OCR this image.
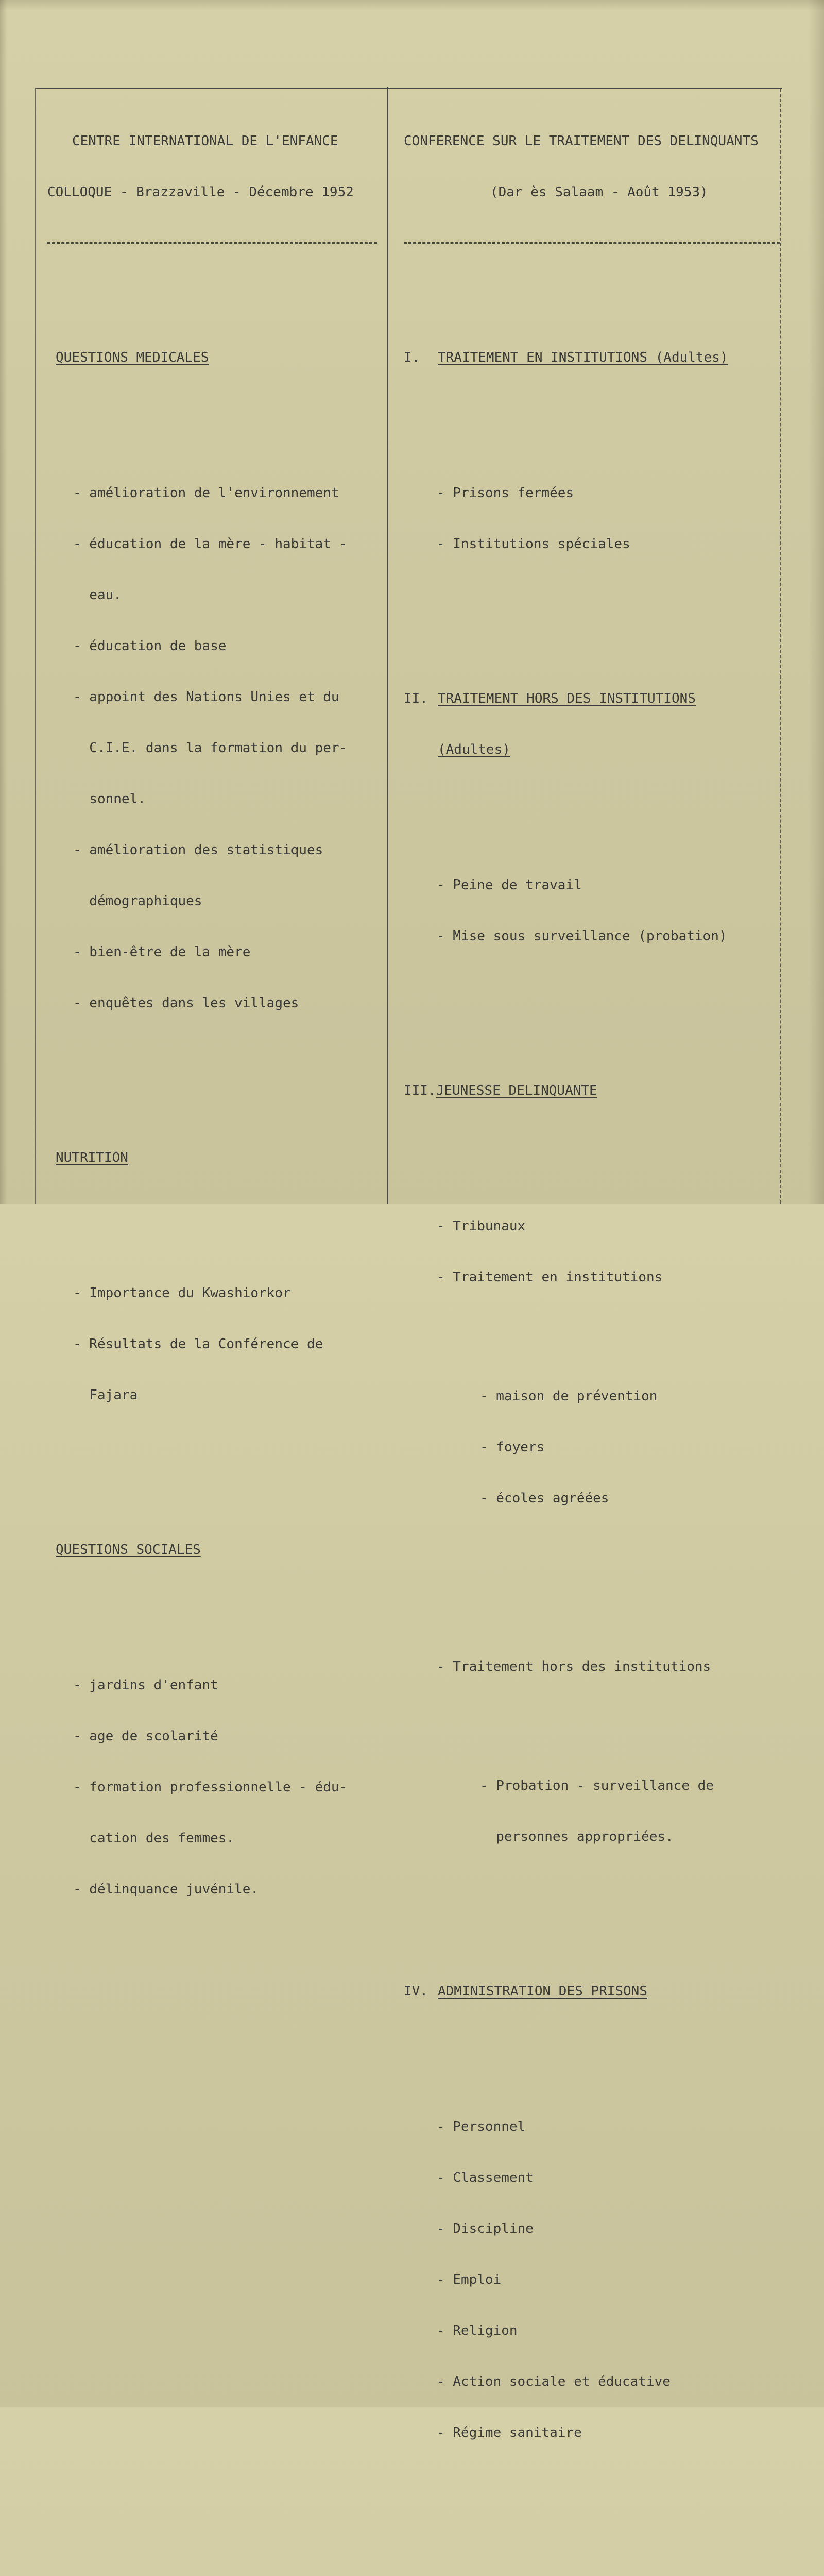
CENTRE INTERNATIONAL DE L'ENFANCE

COLLOQUE - Brazzaville - Décembre 1952

QUESTIONS MEDICALES

- amélioration de l'environnement

- éducation de la mère - habitat -

eau.

- éducation de base

- appoint des Nations Unies et du

C.I.E. dans la formation du per-

sonnel.

- amélioration des statistiques

démographiques

- bien-être de la mère

- enquêtes dans les villages

NUTRITION

- Importance du Kwashiorkor

- Résultats de la Conférence de

Fajara

QUESTIONS SOCIALES

- jardins d'enfant

- age de scolarité

- formation professionnelle - édu-

cation des femmes.

- délinquance juvénile.

CONFERENCE SUR LE TRAITEMENT DES DELINQUANTS

(Dar ès Salaam - Août 1953)

I. TRAITEMENT EN INSTITUTIONS (Adultes)

- Prisons fermées

- Institutions spéciales

II. TRAITEMENT HORS DES INSTITUTIONS

(Adultes)

- Peine de travail

- Mise sous surveillance (probation)

III.JEUNESSE DELINQUANTE

- Tribunaux

- Traitement en institutions

- maison de prévention

- foyers

- écoles agréées

- Traitement hors des institutions

- Probation - surveillance de

personnes appropriées.

IV. ADMINISTRATION DES PRISONS

- Personnel

- Classement

- Discipline

- Emploi

- Religion

- Action sociale et éducative

- Régime sanitaire
